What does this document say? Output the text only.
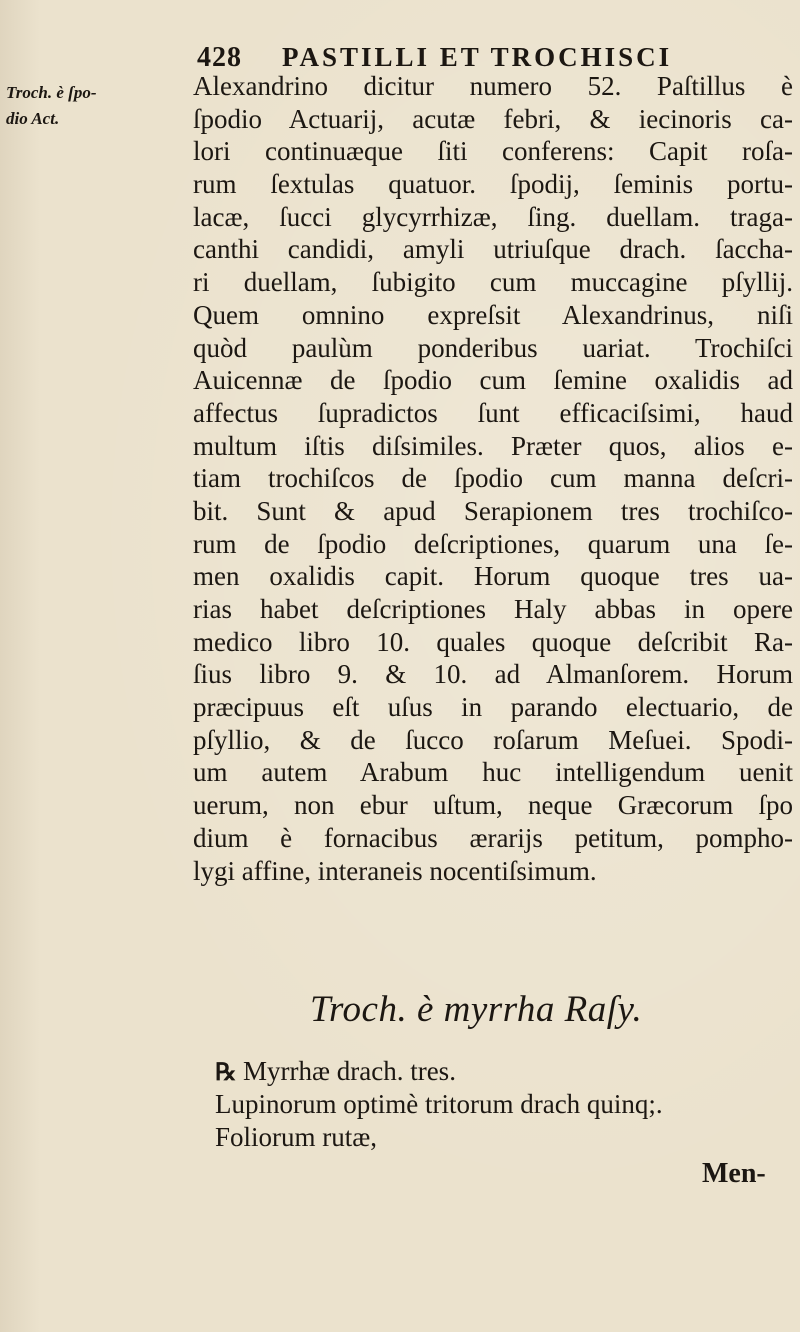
428 PASTILLI ET TROCHISCI
Troch. è ſpo-
dio Act.
Alexandrino dicitur numero 52. Paſtillus è
ſpodio Actuarij, acutæ febri, & iecinoris ca-
lori continuæque ſiti conferens: Capit roſa-
rum ſextulas quatuor. ſpodij, ſeminis portu-
lacæ, ſucci glycyrrhizæ, ſing. duellam. traga-
canthi candidi, amyli utriuſque drach. ſaccha-
ri duellam, ſubigito cum muccagine pſyllij.
Quem omnino expreſsit Alexandrinus, niſi
quòd paulùm ponderibus uariat. Trochiſci
Auicennæ de ſpodio cum ſemine oxalidis ad
affectus ſupradictos ſunt efficaciſsimi, haud
multum iſtis diſsimiles. Præter quos, alios e-
tiam trochiſcos de ſpodio cum manna deſcri-
bit. Sunt & apud Serapionem tres trochiſco-
rum de ſpodio deſcriptiones, quarum una ſe-
men oxalidis capit. Horum quoque tres ua-
rias habet deſcriptiones Haly abbas in opere
medico libro 10. quales quoque deſcribit Ra-
ſius libro 9. & 10. ad Almanſorem. Horum
præcipuus eſt uſus in parando electuario, de
pſyllio, & de ſucco roſarum Meſuei. Spodi-
um autem Arabum huc intelligendum uenit
uerum, non ebur uſtum, neque Græcorum ſpo
dium è fornacibus ærarijs petitum, pompho-
lygi affine, interaneis nocentiſsimum.
Troch. è myrrha Raſy.
℞ Myrrhæ drach. tres.
Lupinorum optimè tritorum drach quinq;.
Foliorum rutæ,
Men-
